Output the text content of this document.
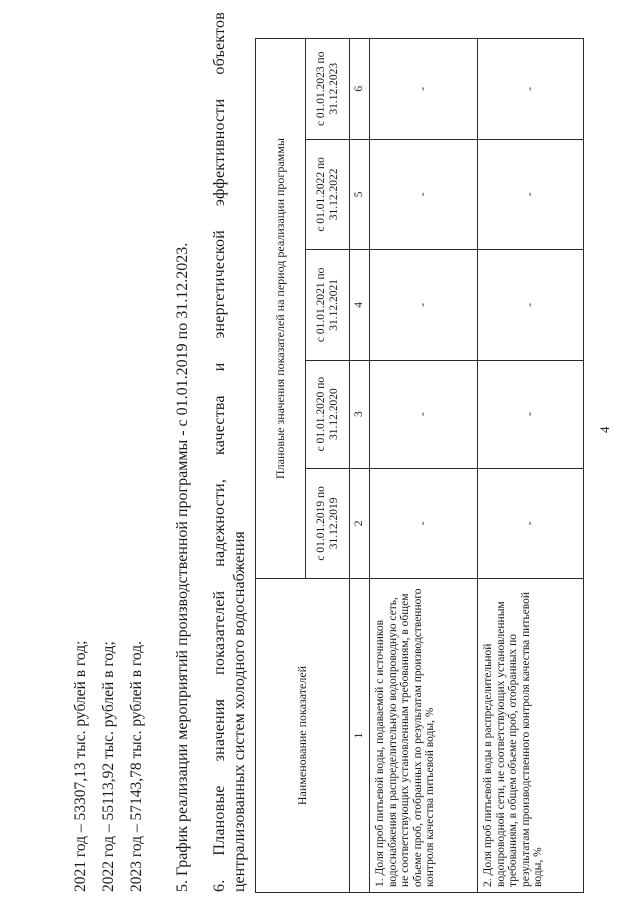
4
2021 год – 53307,13 тыс. рублей в год; 2022 год – 55113,92 тыс. рублей в год; 2023 год – 57143,78 тыс. рублей в год. 5. График реализации мероприятий производственной программы - с 01.01.2019 по 31.12.2023. 6. Плановые значения показателей надежности, качества и энергетической эффективности объектов централизованных систем холодного водоснабжения	Наименование показателей	Плановые значения показателей на период реализации программы				
	с 01.01.2019 по 31.12.2019	с 01.01.2020 по 31.12.2020	с 01.01.2021 по 31.12.2021	с 01.01.2022 по 31.12.2022	с 01.01.2023 по 31.12.2023
1	2	3	4	5	6
1. Доля проб питьевой воды, подаваемой с источников водоснабжения в распределительную водопроводную сеть, не соответствующих установленным требованиям, в общем объеме проб, отобранных по результатам производственного контроля качества питьевой воды, %	-	-	-	-	-
2. Доля проб питьевой воды в распределительной водопроводной сети, не соответствующих установленным требованиям, в общем объеме проб, отобранных по результатам производственного контроля качества питьевой воды, %	-	-	-	-	-
